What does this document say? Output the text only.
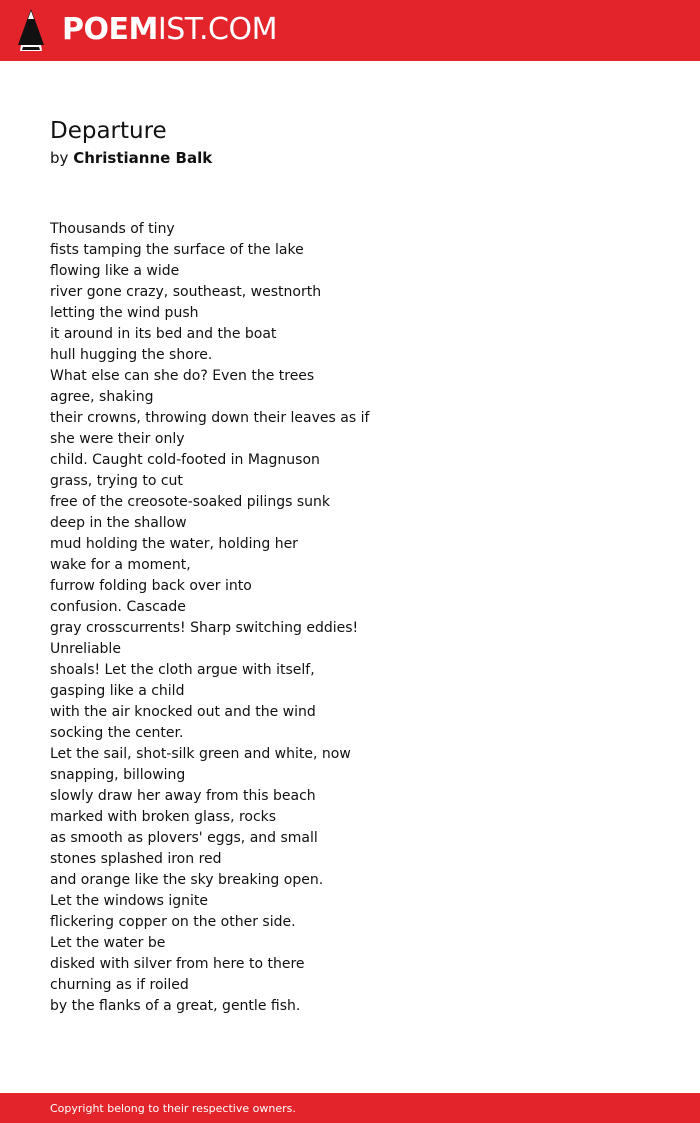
POEMIST.COM
Departure
by Christianne Balk
Thousands of tiny
fists tamping the surface of the lake
flowing like a wide
river gone crazy, southeast, westnorth
letting the wind push
it around in its bed and the boat
hull hugging the shore.
What else can she do? Even the trees
agree, shaking
their crowns, throwing down their leaves as if
she were their only
child. Caught cold-footed in Magnuson
grass, trying to cut
free of the creosote-soaked pilings sunk
deep in the shallow
mud holding the water, holding her
wake for a moment,
furrow folding back over into
confusion. Cascade
gray crosscurrents! Sharp switching eddies!
Unreliable
shoals! Let the cloth argue with itself,
gasping like a child
with the air knocked out and the wind
socking the center.
Let the sail, shot-silk green and white, now
snapping, billowing
slowly draw her away from this beach
marked with broken glass, rocks
as smooth as plovers' eggs, and small
stones splashed iron red
and orange like the sky breaking open.
Let the windows ignite
flickering copper on the other side.
Let the water be
disked with silver from here to there
churning as if roiled
by the flanks of a great, gentle fish.
Copyright belong to their respective owners.
